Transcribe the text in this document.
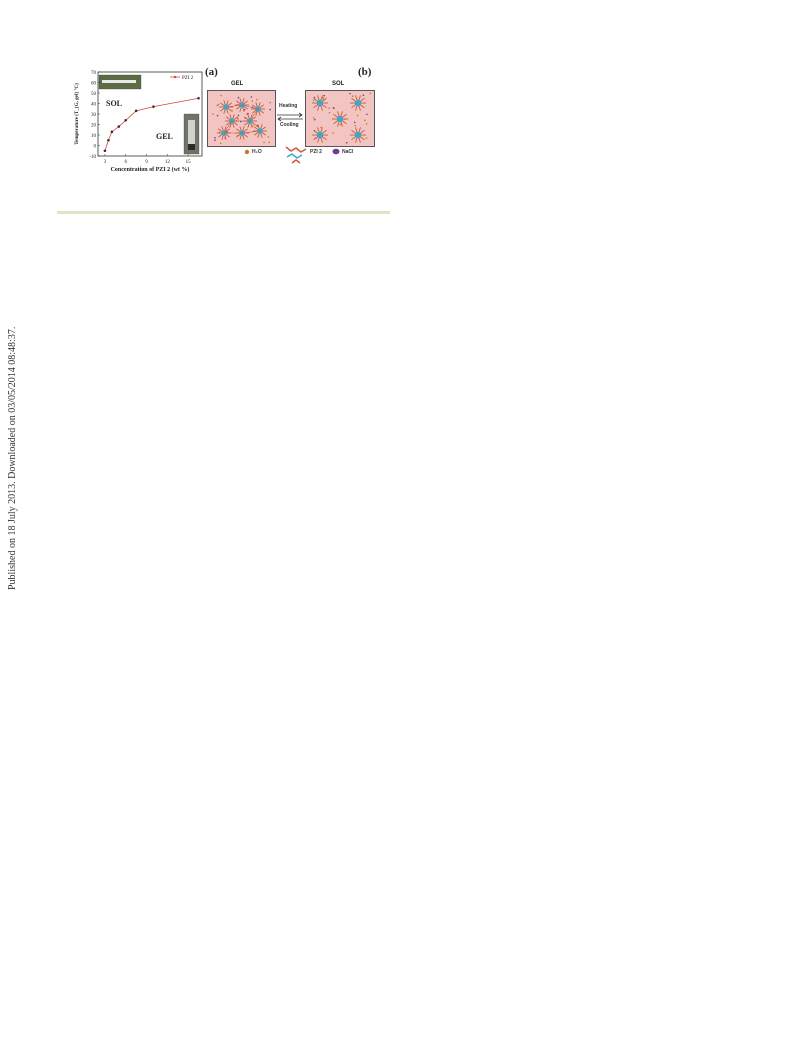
SOL
GEL
-10
0
10
20
30
40
50
60
70
3	6	9	12	15
PZI 2
Concentration of PZI 2 (wt %)
Temperature (T_{G, gel} °C)
(a)	(b)
GEL	SOL
Heating
Cooling
H₂O	PZI 2	NaCl
Published on 18 July 2013. Downloaded on 03/05/2014 08:48:37.
